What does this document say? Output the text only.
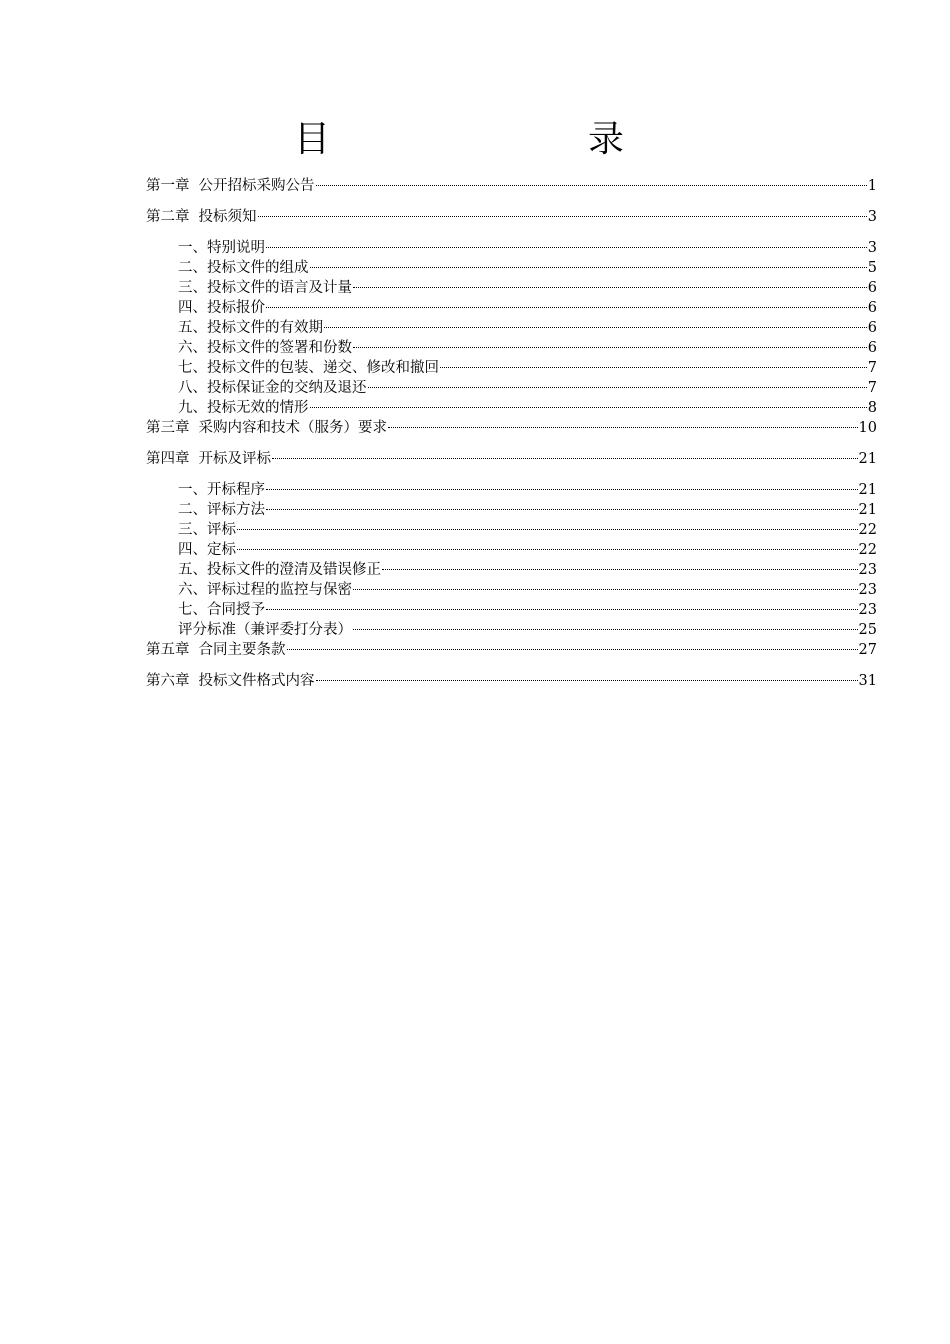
目　　录
第一章 公开招标采购公告	1
第二章 投标须知	3
一、特别说明	3
二、投标文件的组成	5
三、投标文件的语言及计量	6
四、投标报价	6
五、投标文件的有效期	6
六、投标文件的签署和份数	6
七、投标文件的包装、递交、修改和撤回	7
八、投标保证金的交纳及退还	7
九、投标无效的情形	8
第三章 采购内容和技术（服务）要求	10
第四章 开标及评标	21
一、开标程序	21
二、评标方法	21
三、评标	22
四、定标	22
五、投标文件的澄清及错误修正	23
六、评标过程的监控与保密	23
七、合同授予	23
评分标准（兼评委打分表）	25
第五章 合同主要条款	27
第六章 投标文件格式内容	31
